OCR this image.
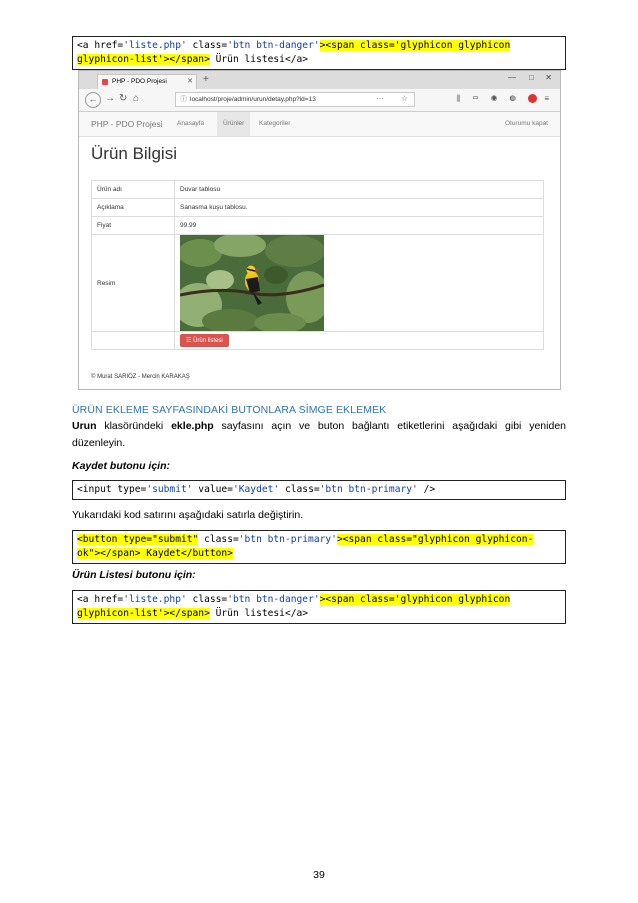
<a href='liste.php' class='btn btn-danger'><span class='glyphicon glyphicon
glyphicon-list'></span> Ürün listesi</a>
PHP - PDO Projesi	✕ +	— □ ✕
← → ↻ ⌂	ⓘ localhost/proje/admin/urun/detay.php?id=13	··· ☆	⫼ ▭ ◉ ◍  ≡
PHP - PDO Projesi Anasayfa	Ürünler	Kategoriler	Oturumu kapat
Ürün Bilgisi
Ürün adı	Duvar tablosu
Açıklama	Sanasma kuşu tablosu.
Fiyat	99.99
Resim	

	☰ Ürün listesi
© Murat SARIÖZ - Mercin KARAKAŞ
ÜRÜN EKLEME SAYFASINDAKİ BUTONLARA SİMGE EKLEMEK
Urun klasöründeki ekle.php sayfasını açın ve buton bağlantı etiketlerini aşağıdaki gibi yeniden düzenleyin.
Kaydet butonu için:
<input type='submit' value='Kaydet' class='btn btn-primary' />
Yukarıdaki kod satırını aşağıdaki satırla değiştirin.
<button type="submit" class='btn btn-primary'><span class="glyphicon glyphicon-
ok"></span> Kaydet</button>
Ürün Listesi butonu için:
<a href='liste.php' class='btn btn-danger'><span class='glyphicon glyphicon
glyphicon-list'></span> Ürün listesi</a>
39
